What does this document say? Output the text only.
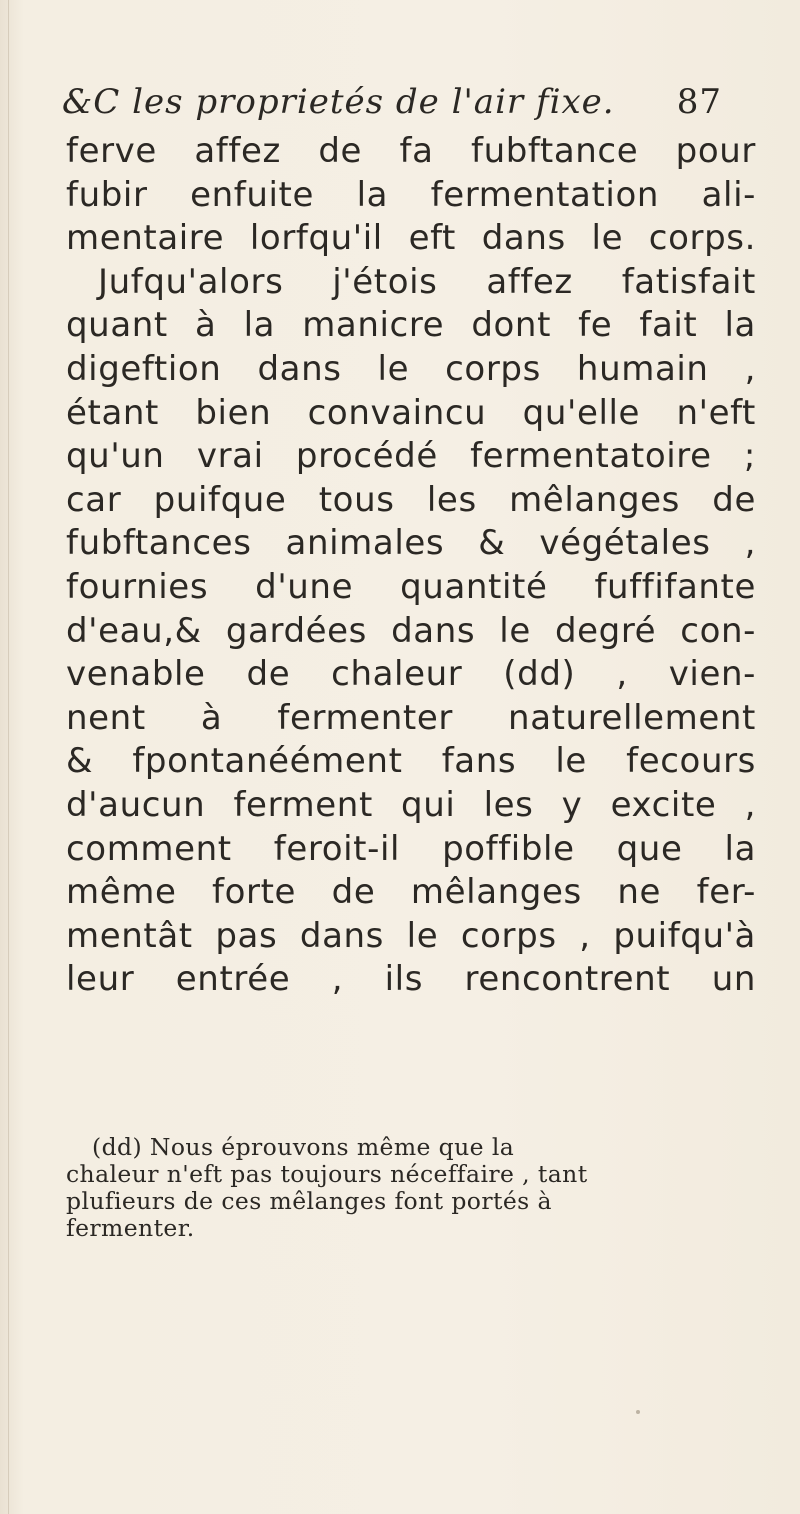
&C les proprietés de l'air fixe. 87
ferve affez de fa fubftance pour
fubir enfuite la fermentation ali-
mentaire lorfqu'il eft dans le corps.
Jufqu'alors j'étois affez fatisfait
quant à la manicre dont fe fait la
digeftion dans le corps humain ,
étant bien convaincu qu'elle n'eft
qu'un vrai procédé fermentatoire ;
car puifque tous les mêlanges de
fubftances animales & végétales ,
fournies d'une quantité fuffifante
d'eau,& gardées dans le degré con-
venable de chaleur (dd) , vien-
nent à fermenter naturellement
& fpontanéément fans le fecours
d'aucun ferment qui les y excite ,
comment feroit-il poffible que la
même forte de mêlanges ne fer-
mentât pas dans le corps , puifqu'à
leur entrée , ils rencontrent un
(dd) Nous éprouvons même que la
chaleur n'eft pas toujours néceffaire , tant
plufieurs de ces mêlanges font portés à
fermenter.
